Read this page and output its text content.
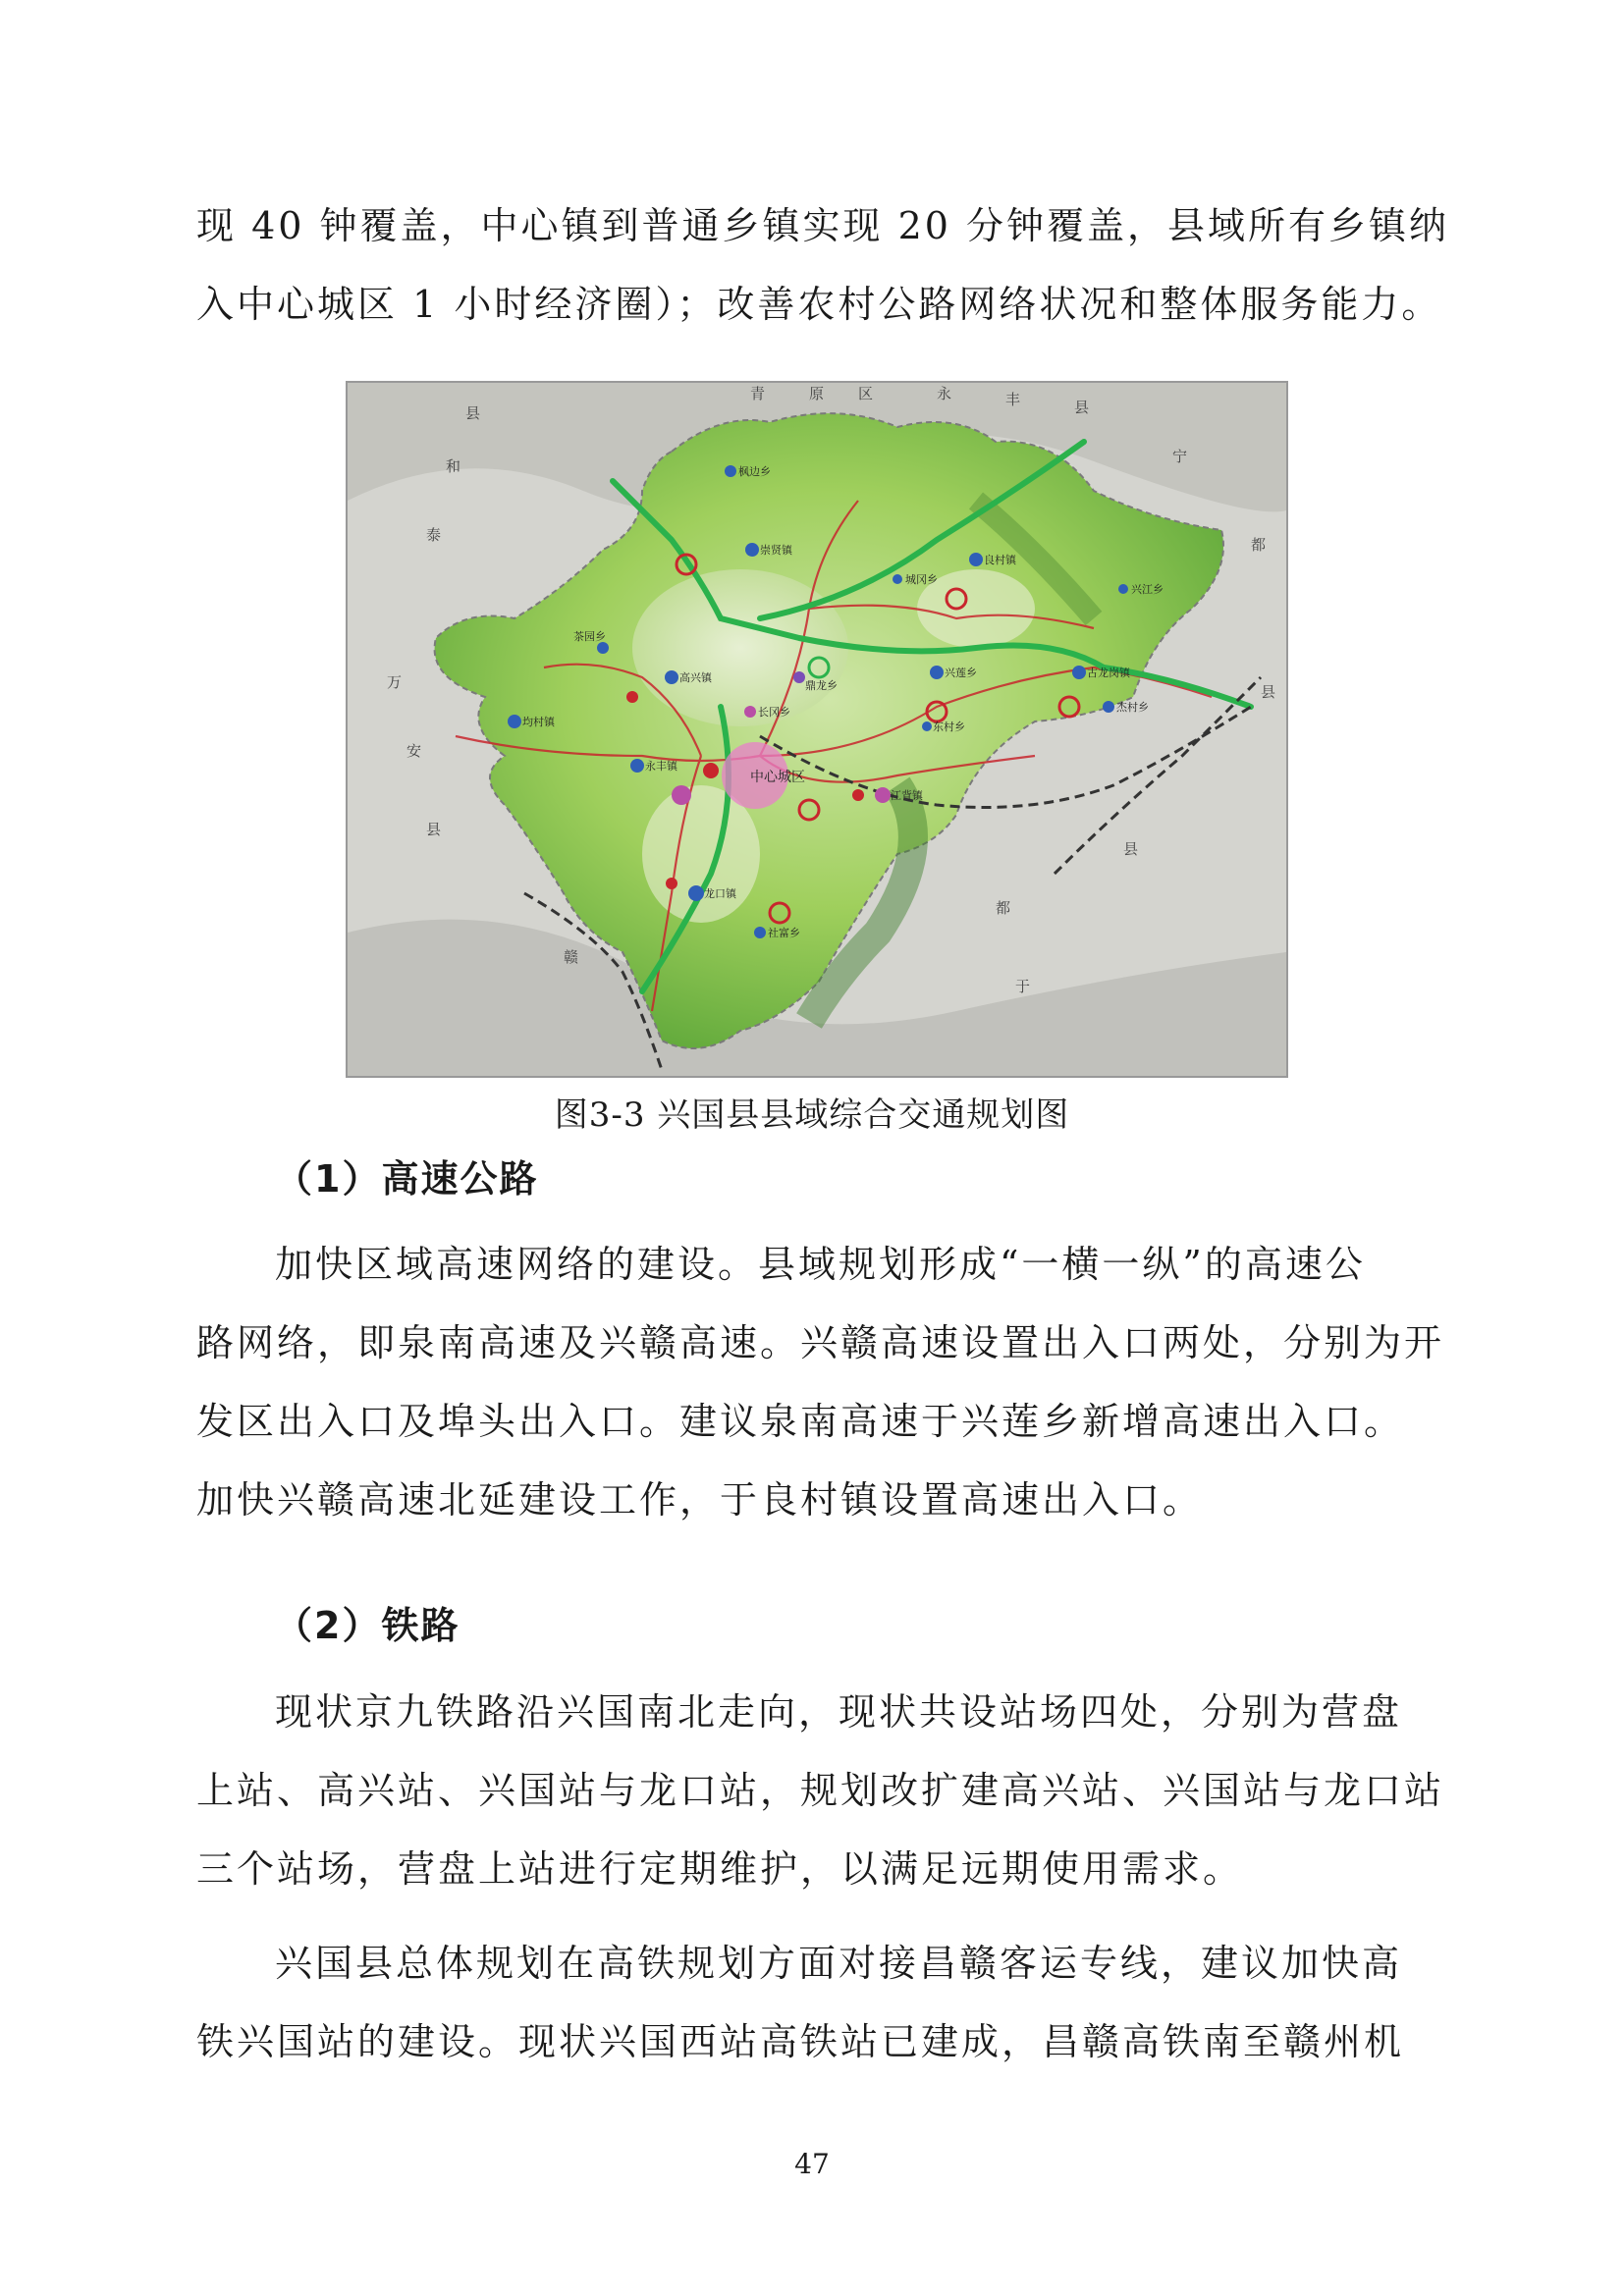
现 40 钟覆盖，中心镇到普通乡镇实现 20 分钟覆盖，县域所有乡镇纳
入中心城区 1 小时经济圈）；改善农村公路网络状况和整体服务能力。
青	原 区	永	丰	县
宁
都
县
和
泰
万
安
县
赣
县
于
都
县
枫边乡
崇贤镇
良村镇
城冈乡
兴江乡
茶园乡
高兴镇
鼎龙乡
兴莲乡	古龙岗镇
均村镇
杰村乡
长冈乡
东村乡
永丰镇
中心城区
江背镇
龙口镇
社富乡

图3-3 兴国县县域综合交通规划图

（1）高速公路

加快区域高速网络的建设。县域规划形成“一横一纵”的高速公
路网络，即泉南高速及兴赣高速。兴赣高速设置出入口两处，分别为开
发区出入口及埠头出入口。建议泉南高速于兴莲乡新增高速出入口。
加快兴赣高速北延建设工作，于良村镇设置高速出入口。

（2）铁路

现状京九铁路沿兴国南北走向，现状共设站场四处，分别为营盘
上站、高兴站、兴国站与龙口站，规划改扩建高兴站、兴国站与龙口站
三个站场，营盘上站进行定期维护，以满足远期使用需求。
兴国县总体规划在高铁规划方面对接昌赣客运专线，建议加快高
铁兴国站的建设。现状兴国西站高铁站已建成，昌赣高铁南至赣州机

47
